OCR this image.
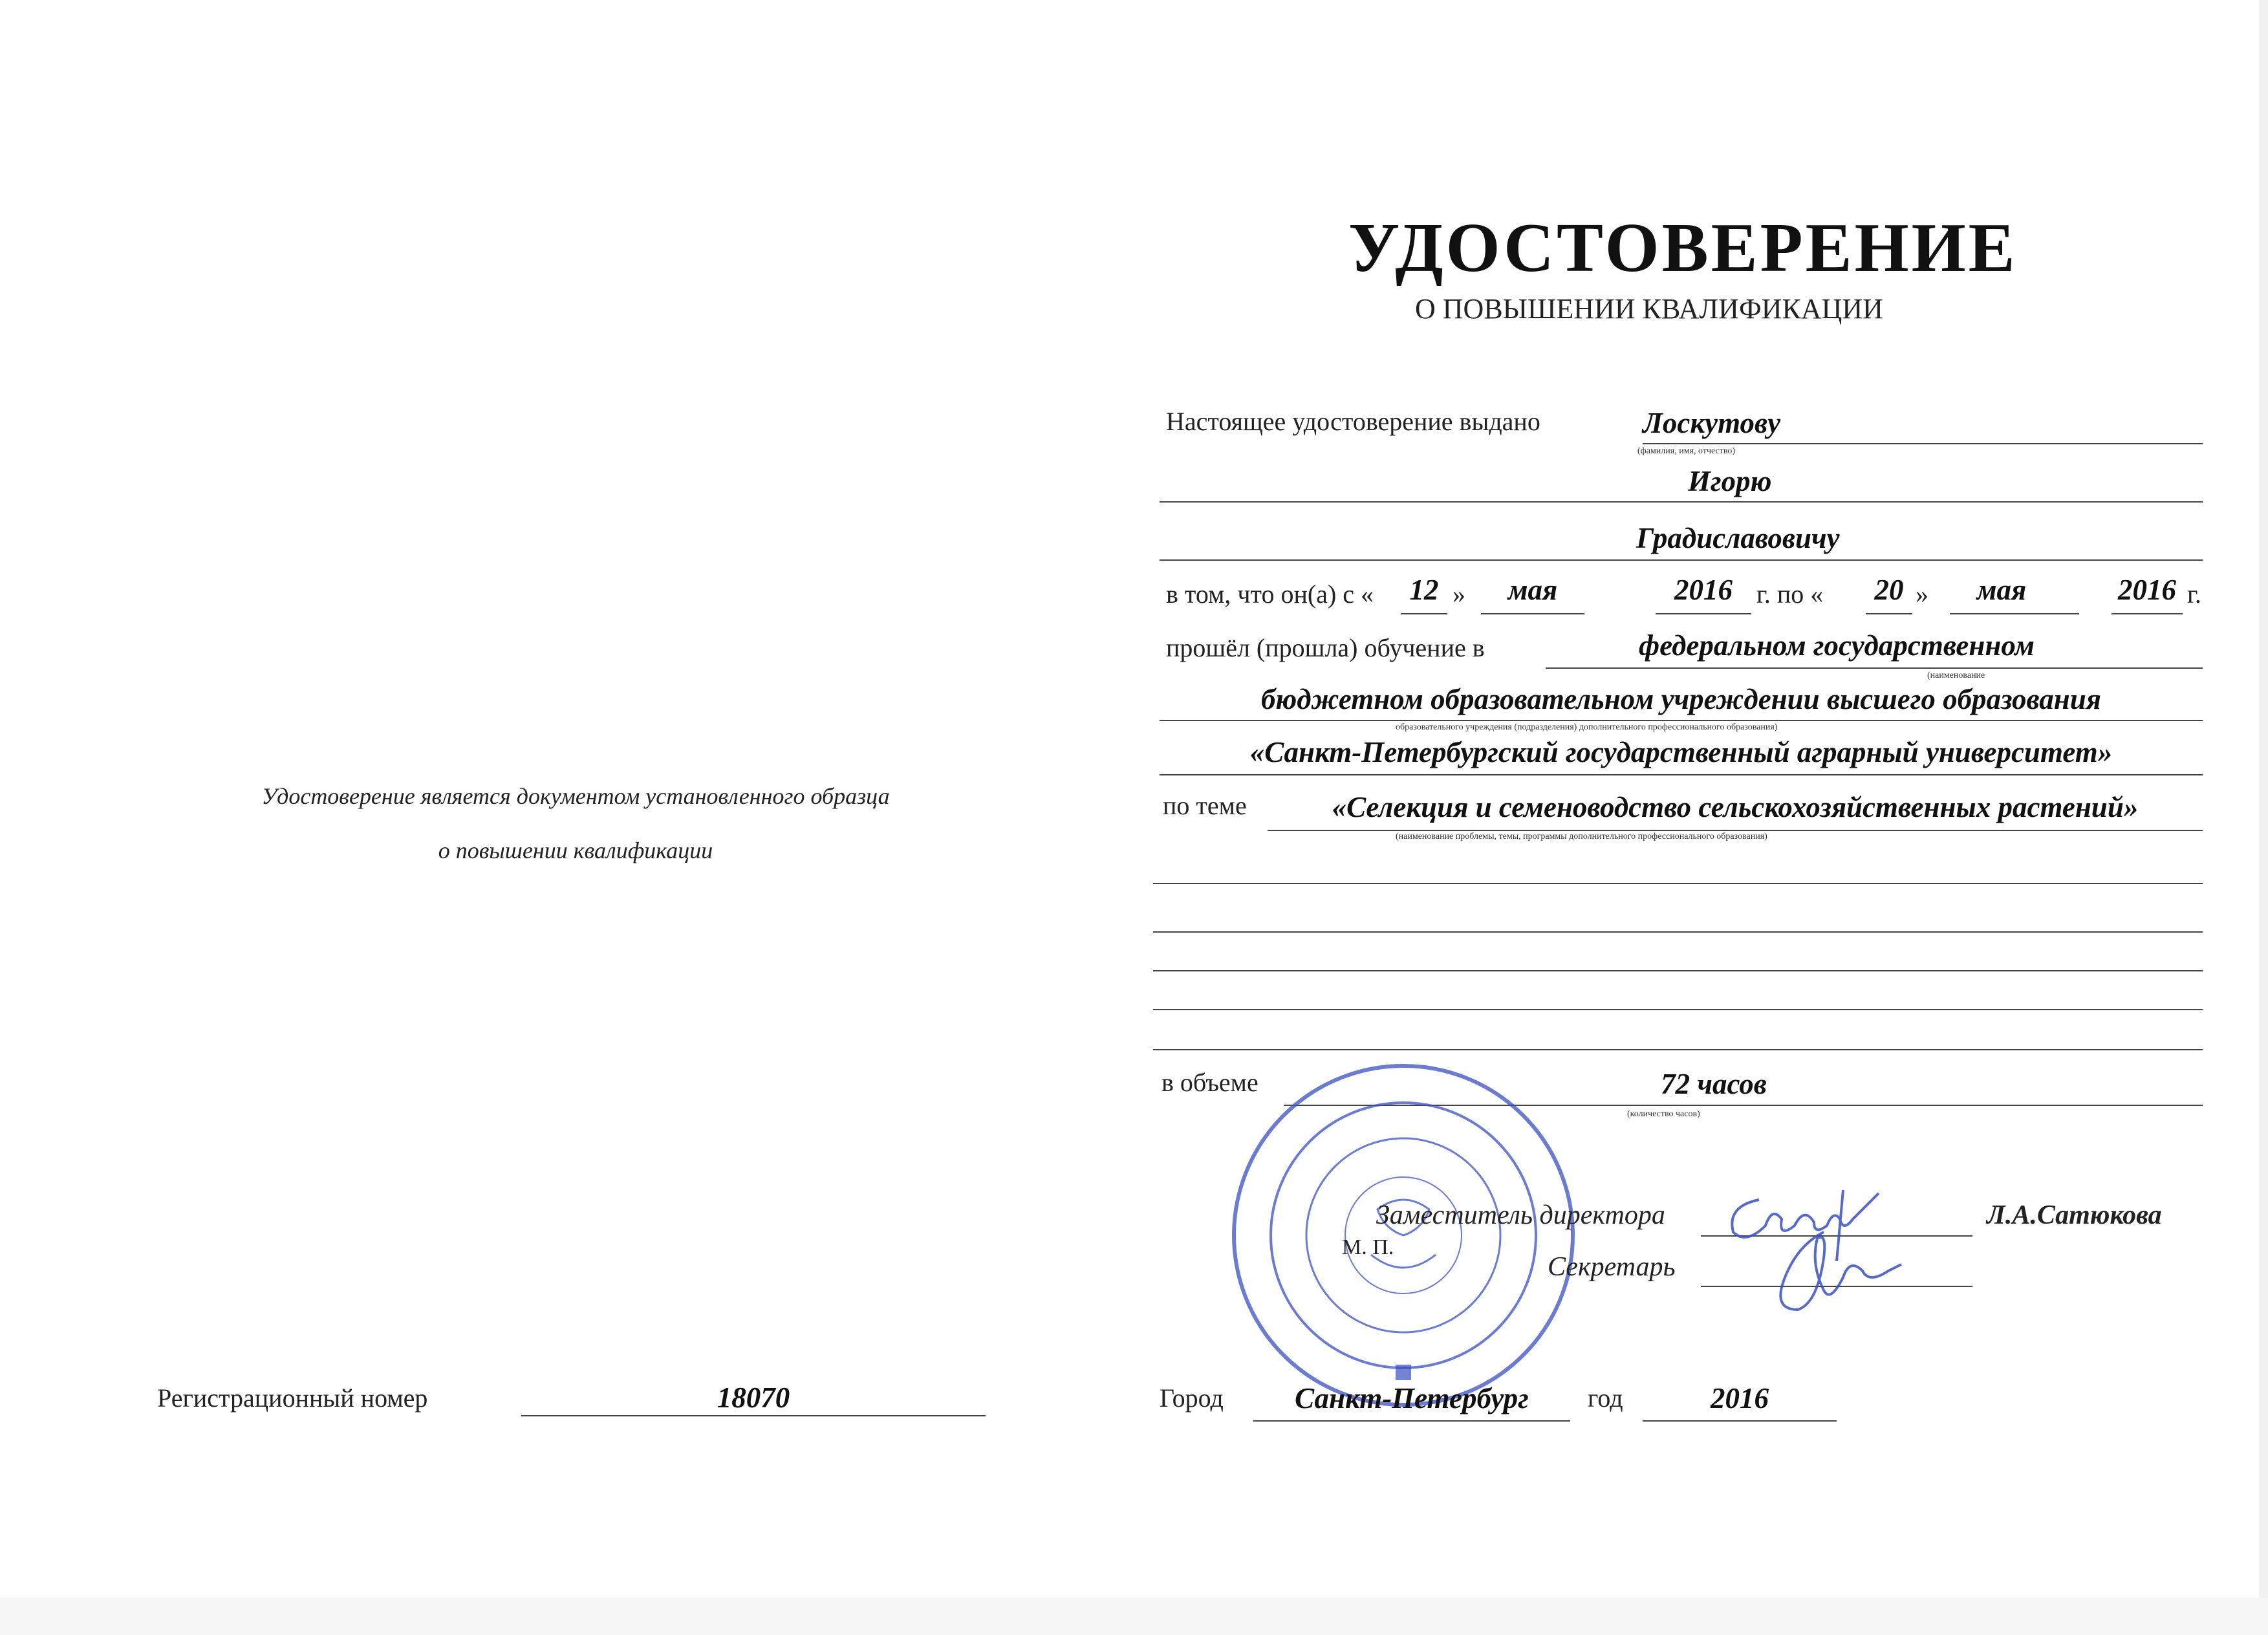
УДОСТОВЕРЕНИЕ
О ПОВЫШЕНИИ КВАЛИФИКАЦИИ
Удостоверение является документом установленного образца
о повышении квалификации
Регистрационный номер	18070
Настоящее удостоверение выдано	Лоскутову
(фамилия, имя, отчество)
Игорю
Градиславовичу
в том, что он(а) с «	12 »	мая	2016 г. по «	20 »	мая	2016 г.
прошёл (прошла) обучение в	федеральном государственном
(наименование
бюджетном образовательном учреждении высшего образования
образовательного учреждения (подразделения) дополнительного профессионального образования)
«Санкт-Петербургский государственный аграрный университет»
по теме	«Селекция и семеноводство сельскохозяйственных растений»
(наименование проблемы, темы, программы дополнительного профессионального образования)
в объеме	72 часов
(количество часов)
Заместитель директора	Л.А.Сатюкова
М. П.
Секретарь
Город	Санкт-Петербург	год	2016
